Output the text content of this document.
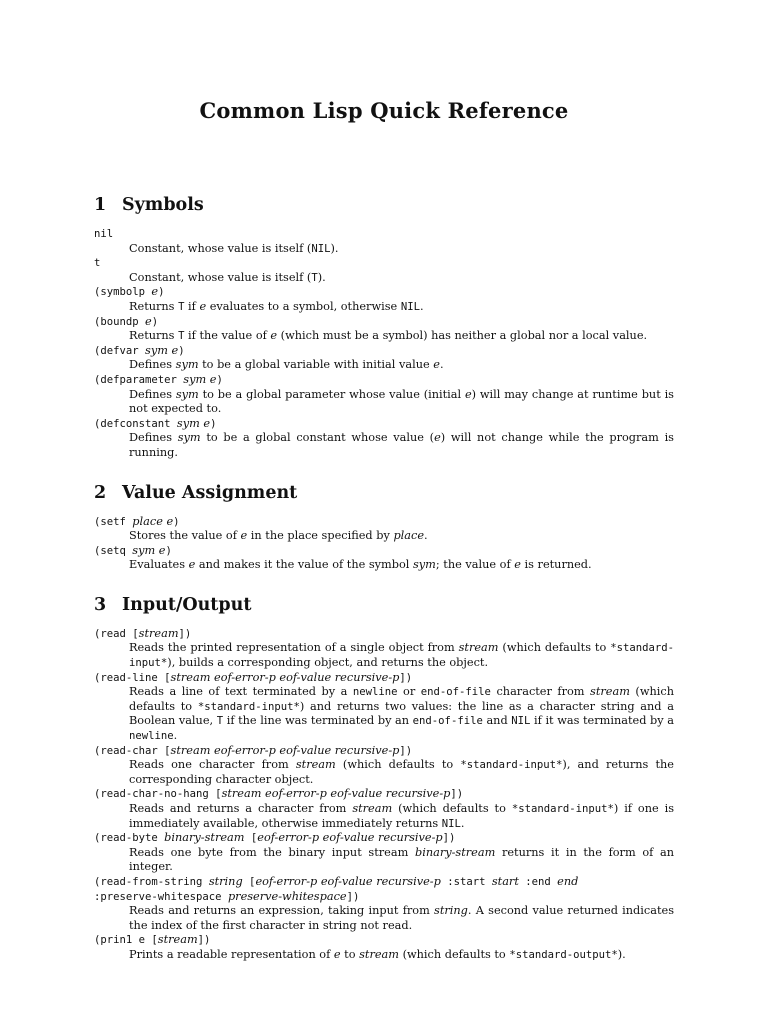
Common Lisp Quick Reference
1 Symbols
nil
Constant, whose value is itself (NIL).
t
Constant, whose value is itself (T).
(symbolp e)
Returns T if e evaluates to a symbol, otherwise NIL.
(boundp e)
Returns T if the value of e (which must be a symbol) has neither a global nor a local value.
(defvar sym e)
Defines sym to be a global variable with initial value e.
(defparameter sym e)
Defines sym to be a global parameter whose value (initial e) will may change at runtime but is not expected to.
(defconstant sym e)
Defines sym to be a global constant whose value (e) will not change while the program is running.
2 Value Assignment
(setf place e)
Stores the value of e in the place specified by place.
(setq sym e)
Evaluates e and makes it the value of the symbol sym; the value of e is returned.
3 Input/Output
(read [stream])
Reads the printed representation of a single object from stream (which defaults to *standard-input*), builds a corresponding object, and returns the object.
(read-line [stream eof-error-p eof-value recursive-p])
Reads a line of text terminated by a newline or end-of-file character from stream (which defaults to *standard-input*) and returns two values: the line as a character string and a Boolean value, T if the line was terminated by an end-of-file and NIL if it was terminated by a newline.
(read-char [stream eof-error-p eof-value recursive-p])
Reads one character from stream (which defaults to *standard-input*), and returns the corresponding character object.
(read-char-no-hang [stream eof-error-p eof-value recursive-p])
Reads and returns a character from stream (which defaults to *standard-input*) if one is immediately available, otherwise immediately returns NIL.
(read-byte binary-stream [eof-error-p eof-value recursive-p])
Reads one byte from the binary input stream binary-stream returns it in the form of an integer.
(read-from-string string [eof-error-p eof-value recursive-p :start start :end end
:preserve-whitespace preserve-whitespace])
Reads and returns an expression, taking input from string. A second value returned indicates the index of the first character in string not read.
(prin1 e [stream])
Prints a readable representation of e to stream (which defaults to *standard-output*).
